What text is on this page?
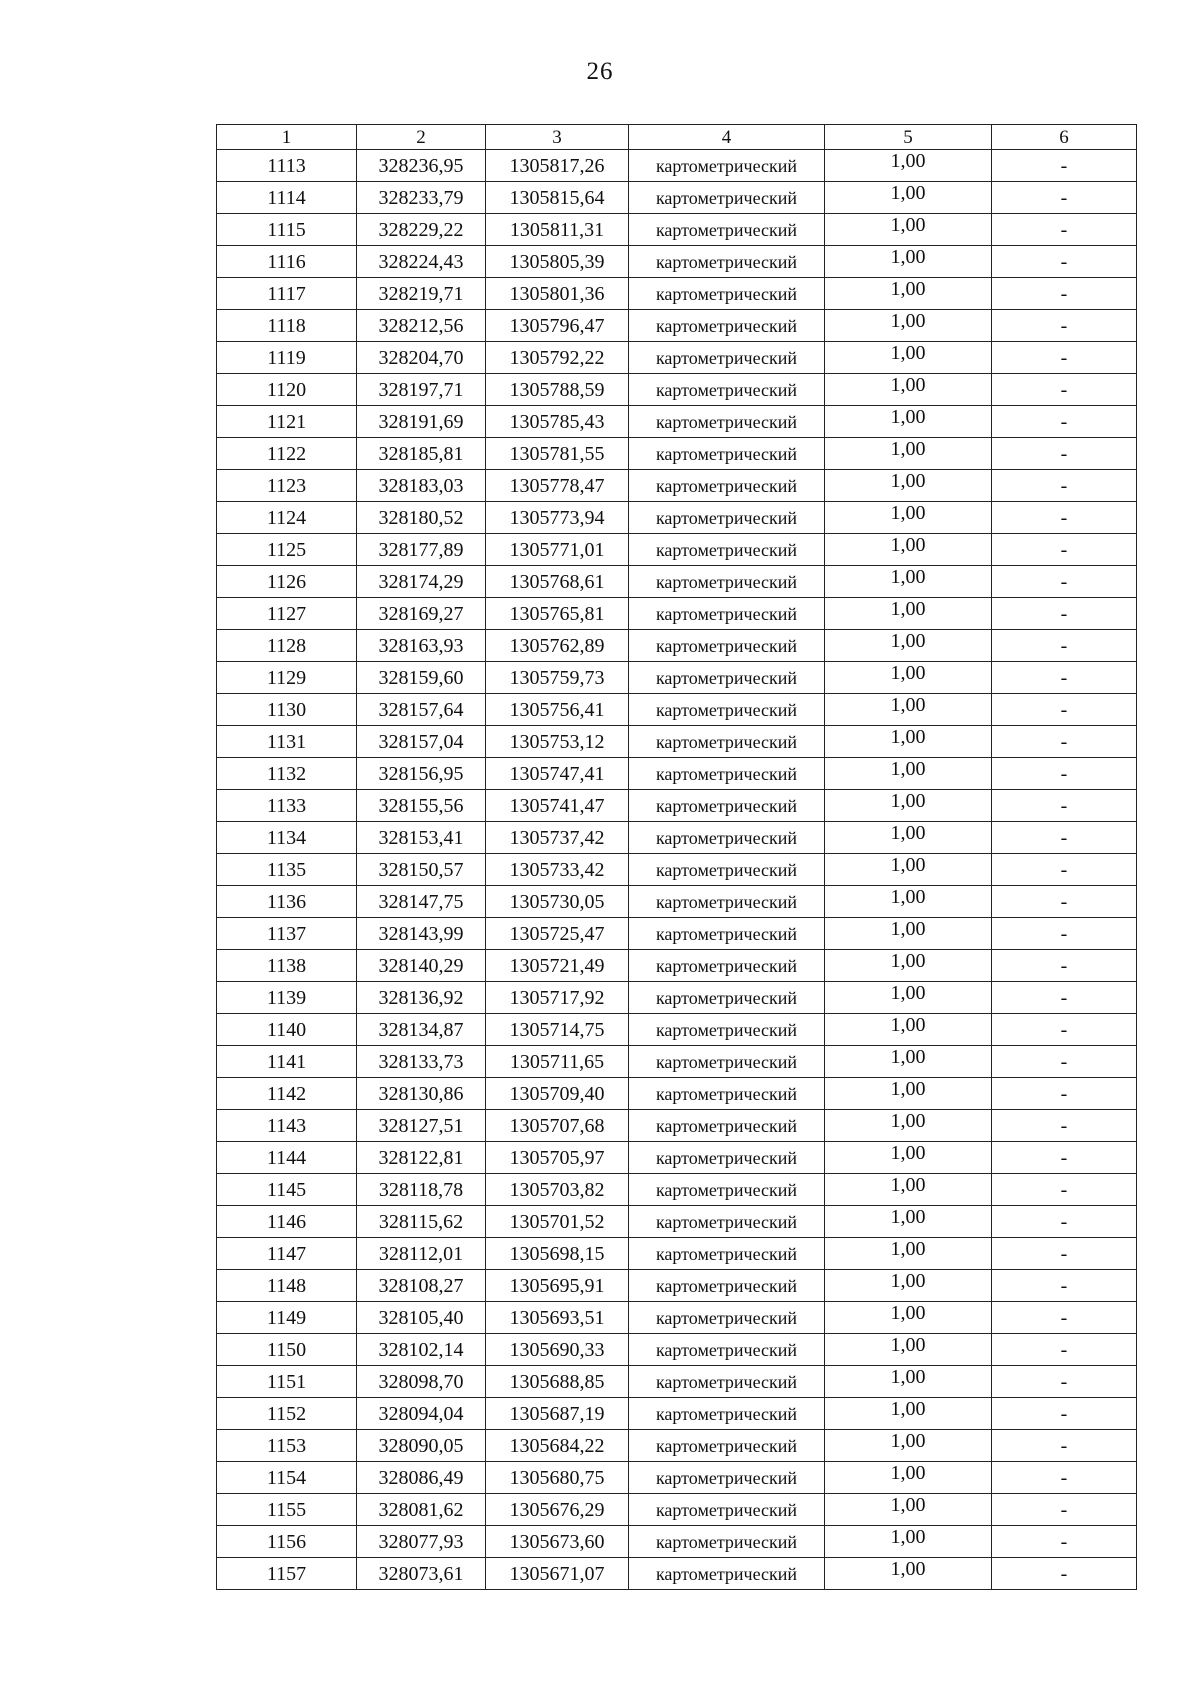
26
1	2	3	4	5	6
1113	328236,95	1305817,26	картометрический	1,00	-
1114	328233,79	1305815,64	картометрический	1,00	-
1115	328229,22	1305811,31	картометрический	1,00	-
1116	328224,43	1305805,39	картометрический	1,00	-
1117	328219,71	1305801,36	картометрический	1,00	-
1118	328212,56	1305796,47	картометрический	1,00	-
1119	328204,70	1305792,22	картометрический	1,00	-
1120	328197,71	1305788,59	картометрический	1,00	-
1121	328191,69	1305785,43	картометрический	1,00	-
1122	328185,81	1305781,55	картометрический	1,00	-
1123	328183,03	1305778,47	картометрический	1,00	-
1124	328180,52	1305773,94	картометрический	1,00	-
1125	328177,89	1305771,01	картометрический	1,00	-
1126	328174,29	1305768,61	картометрический	1,00	-
1127	328169,27	1305765,81	картометрический	1,00	-
1128	328163,93	1305762,89	картометрический	1,00	-
1129	328159,60	1305759,73	картометрический	1,00	-
1130	328157,64	1305756,41	картометрический	1,00	-
1131	328157,04	1305753,12	картометрический	1,00	-
1132	328156,95	1305747,41	картометрический	1,00	-
1133	328155,56	1305741,47	картометрический	1,00	-
1134	328153,41	1305737,42	картометрический	1,00	-
1135	328150,57	1305733,42	картометрический	1,00	-
1136	328147,75	1305730,05	картометрический	1,00	-
1137	328143,99	1305725,47	картометрический	1,00	-
1138	328140,29	1305721,49	картометрический	1,00	-
1139	328136,92	1305717,92	картометрический	1,00	-
1140	328134,87	1305714,75	картометрический	1,00	-
1141	328133,73	1305711,65	картометрический	1,00	-
1142	328130,86	1305709,40	картометрический	1,00	-
1143	328127,51	1305707,68	картометрический	1,00	-
1144	328122,81	1305705,97	картометрический	1,00	-
1145	328118,78	1305703,82	картометрический	1,00	-
1146	328115,62	1305701,52	картометрический	1,00	-
1147	328112,01	1305698,15	картометрический	1,00	-
1148	328108,27	1305695,91	картометрический	1,00	-
1149	328105,40	1305693,51	картометрический	1,00	-
1150	328102,14	1305690,33	картометрический	1,00	-
1151	328098,70	1305688,85	картометрический	1,00	-
1152	328094,04	1305687,19	картометрический	1,00	-
1153	328090,05	1305684,22	картометрический	1,00	-
1154	328086,49	1305680,75	картометрический	1,00	-
1155	328081,62	1305676,29	картометрический	1,00	-
1156	328077,93	1305673,60	картометрический	1,00	-
1157	328073,61	1305671,07	картометрический	1,00	-
